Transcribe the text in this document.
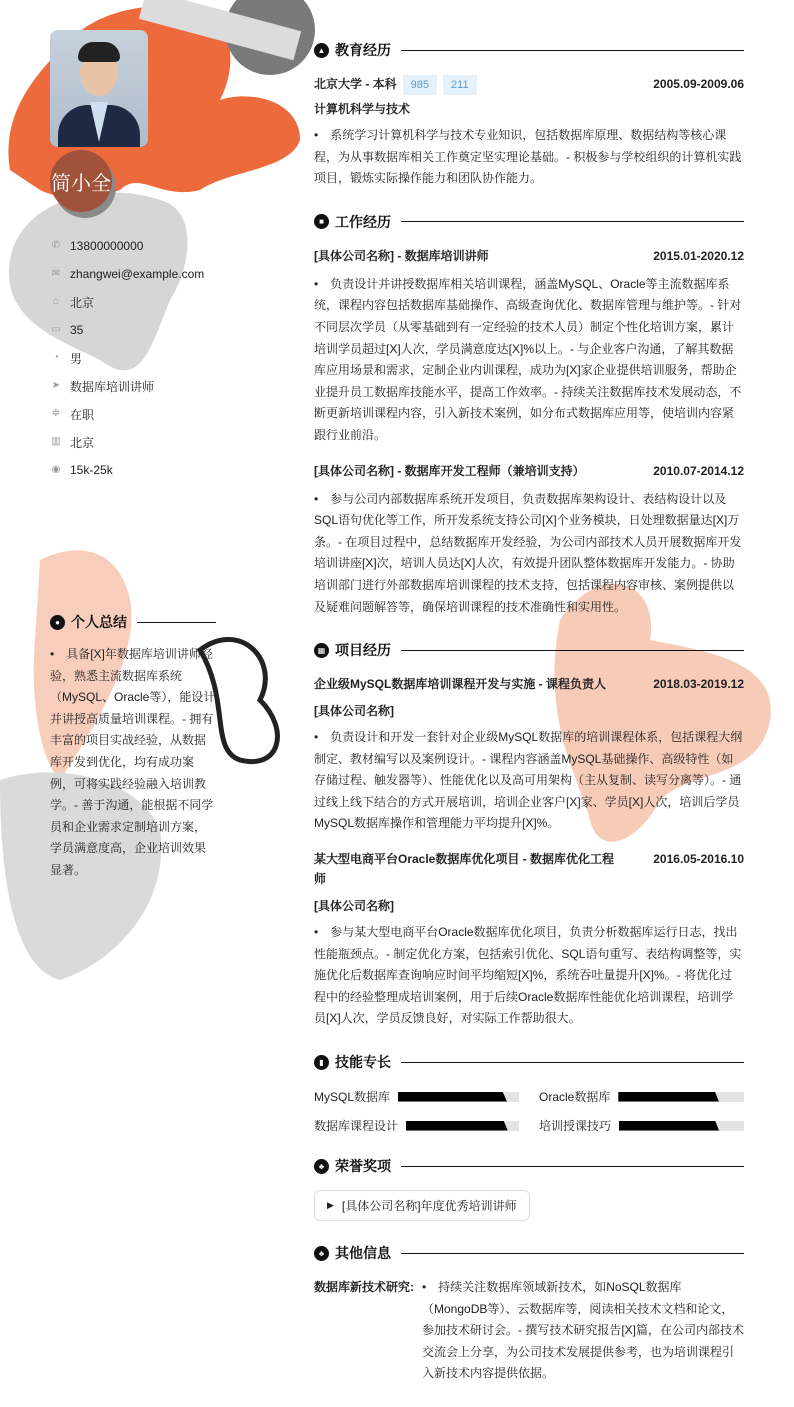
简小全
✆ 13800000000
✉ zhangwei@example.com
⌂ 北京
▭ 35
◔ 男
➤ 数据库培训讲师
✲ 在职
▥ 北京
◉ 15k-25k
● 个人总结
•　具备[X]年数据库培训讲师经验，熟悉主流数据库系统（MySQL、Oracle等），能设计并讲授高质量培训课程。- 拥有丰富的项目实战经验，从数据库开发到优化，均有成功案例，可将实践经验融入培训教学。- 善于沟通，能根据不同学员和企业需求定制培训方案，学员满意度高，企业培训效果显著。
▲ 教育经历
北京大学 - 本科 985 211	2005.09-2009.06
计算机科学与技术
•　系统学习计算机科学与技术专业知识，包括数据库原理、数据结构等核心课程，为从事数据库相关工作奠定坚实理论基础。- 积极参与学校组织的计算机实践项目，锻炼实际操作能力和团队协作能力。
■ 工作经历
[具体公司名称] - 数据库培训讲师	2015.01-2020.12
•　负责设计并讲授数据库相关培训课程，涵盖MySQL、Oracle等主流数据库系统，课程内容包括数据库基础操作、高级查询优化、数据库管理与维护等。- 针对不同层次学员（从零基础到有一定经验的技术人员）制定个性化培训方案，累计培训学员超过[X]人次，学员满意度达[X]%以上。- 与企业客户沟通，了解其数据库应用场景和需求，定制企业内训课程，成功为[X]家企业提供培训服务，帮助企业提升员工数据库技能水平，提高工作效率。- 持续关注数据库技术发展动态，不断更新培训课程内容，引入新技术案例，如分布式数据库应用等，使培训内容紧跟行业前沿。
[具体公司名称] - 数据库开发工程师（兼培训支持）	2010.07-2014.12
•　参与公司内部数据库系统开发项目，负责数据库架构设计、表结构设计以及SQL语句优化等工作，所开发系统支持公司[X]个业务模块，日处理数据量达[X]万条。- 在项目过程中，总结数据库开发经验，为公司内部技术人员开展数据库开发培训讲座[X]次，培训人员达[X]人次，有效提升团队整体数据库开发能力。- 协助培训部门进行外部数据库培训课程的技术支持，包括课程内容审核、案例提供以及疑难问题解答等，确保培训课程的技术准确性和实用性。
▦ 项目经历
企业级MySQL数据库培训课程开发与实施 - 课程负责人	2018.03-2019.12
[具体公司名称]
•　负责设计和开发一套针对企业级MySQL数据库的培训课程体系，包括课程大纲制定、教材编写以及案例设计。- 课程内容涵盖MySQL基础操作、高级特性（如存储过程、触发器等）、性能优化以及高可用架构（主从复制、读写分离等）。- 通过线上线下结合的方式开展培训，培训企业客户[X]家、学员[X]人次，培训后学员MySQL数据库操作和管理能力平均提升[X]%。
某大型电商平台Oracle数据库优化项目 - 数据库优化工程师
2016.05-2016.10
[具体公司名称]
•　参与某大型电商平台Oracle数据库优化项目，负责分析数据库运行日志，找出性能瓶颈点。- 制定优化方案，包括索引优化、SQL语句重写、表结构调整等，实施优化后数据库查询响应时间平均缩短[X]%，系统吞吐量提升[X]%。- 将优化过程中的经验整理成培训案例，用于后续Oracle数据库性能优化培训课程，培训学员[X]人次，学员反馈良好，对实际工作帮助很大。
▮ 技能专长
MySQL数据库	Oracle数据库
数据库课程设计	培训授课技巧
♣ 荣誉奖项
▶ [具体公司名称]年度优秀培训讲师
♣ 其他信息
数据库新技术研究: •　持续关注数据库领域新技术，如NoSQL数据库（MongoDB等）、云数据库等，阅读相关技术文档和论文，参加技术研讨会。- 撰写技术研究报告[X]篇，在公司内部技术交流会上分享，为公司技术发展提供参考，也为培训课程引入新技术内容提供依据。
